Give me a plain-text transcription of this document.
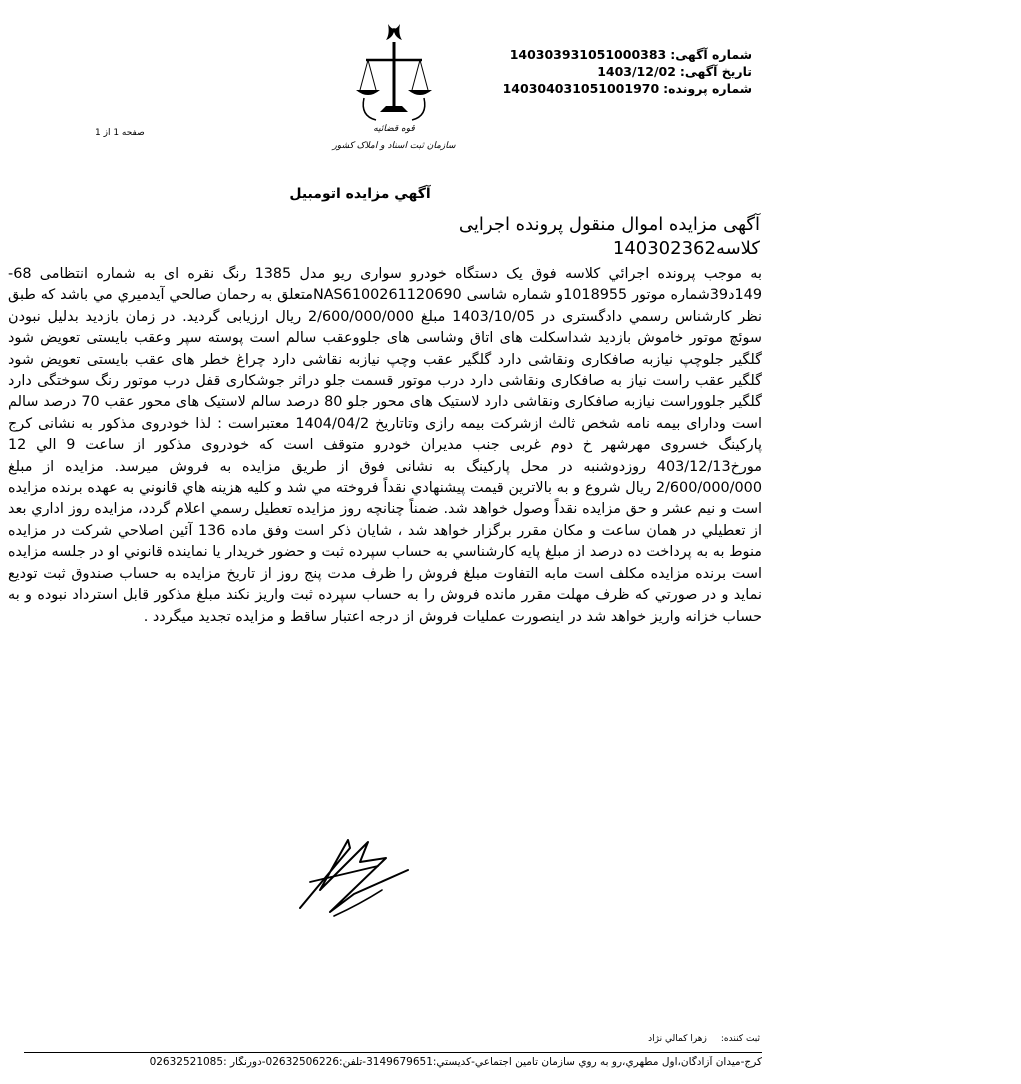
شماره آگهی:14030393105100038​3
تاریخ آگهی:1403/12/02
شماره پرونده:140304031051001970
قوه قضائیه
سازمان ثبت اسناد و املاک کشور
صفحه 1 از 1
آگهي مزايده اتومبيل
آگهی مزایده اموال منقول پرونده اجرایی کلاسه140302362
به موجب پرونده اجرائي کلاسه فوق يک دستگاه خودرو سواری ريو مدل 1385 رنگ نقره ای به شماره انتظامی 68-149د39شماره موتور 1018955و شماره شاسی NAS6100261120690متعلق به رحمان صالحي آيدميري مي باشد که طبق نظر کارشناس رسمي دادگستری در 1403/10/05 مبلغ 2/600/000/000 ريال ارزيابی گرديد. در زمان بازديد بدليل نبودن سوئچ موتور خاموش بازديد شداسکلت های اتاق وشاسی های جلووعقب سالم است پوسته سپر وعقب بايستی تعويض شود گلگير جلوچپ نيازبه صافکاری ونقاشی دارد گلگير عقب وچپ نيازبه نقاشی دارد چراغ خطر های عقب بايستی تعويض شود گلگير عقب راست نياز به صافکاری ونقاشی دارد درب موتور قسمت جلو دراثر جوشکاری قفل درب موتور رنگ سوختگی دارد گلگير جلووراست نيازبه صافکاری ونقاشی دارد لاستيک های محور جلو 80 درصد سالم لاستيک های محور عقب 70 درصد سالم است ودارای بيمه نامه شخص ثالث ازشرکت بيمه رازی وتاتاريخ 1404/04/2 معتبراست : لذا خودروی مذکور به نشانی کرج پارکينگ خسروی مهرشهر خ دوم غربی جنب مديران خودرو متوقف است که خودروی مذکور از ساعت 9 الي 12 مورخ403/12/13 روزدوشنبه در محل پارکينگ به نشانی فوق از طريق مزايده به فروش ميرسد. مزايده از مبلغ 2/600/000/000 ريال شروع و به بالاترين قيمت پيشنهادي نقداً فروخته مي شد و كليه هزينه هاي قانوني به عهده برنده مزايده است و نيم عشر و حق مزايده نقداً وصول خواهد شد. ضمناً چنانچه روز مزايده تعطيل رسمي اعلام گردد، مزايده روز اداري بعد از تعطيلي در همان ساعت و مكان مقرر برگزار خواهد شد ، شايان ذكر است وفق ماده 136 آئين اصلاحي شركت در مزايده منوط به به پرداخت ده درصد از مبلغ پايه كارشناسي به حساب سپرده ثبت و حضور خريدار يا نماينده قانوني او در جلسه مزايده است برنده مزايده مكلف است مابه التفاوت مبلغ فروش را ظرف مدت پنج روز از تاريخ مزايده به حساب صندوق ثبت توديع نمايد و در صورتي كه ظرف مهلت مقرر مانده فروش را به حساب سپرده ثبت واريز نكند مبلغ مذكور قابل استرداد نبوده و به حساب خزانه واريز خواهد شد در اينصورت عمليات فروش از درجه اعتبار ساقط و مزايده تجديد ميگردد .
ثبت كننده:زهرا كمالي نژاد
كرج-ميدان آزادگان،اول مطهري،رو به روي سازمان تامين اجتماعي-كديستي:3149679651-تلفن:02632506226-دورنگار :02632521085
